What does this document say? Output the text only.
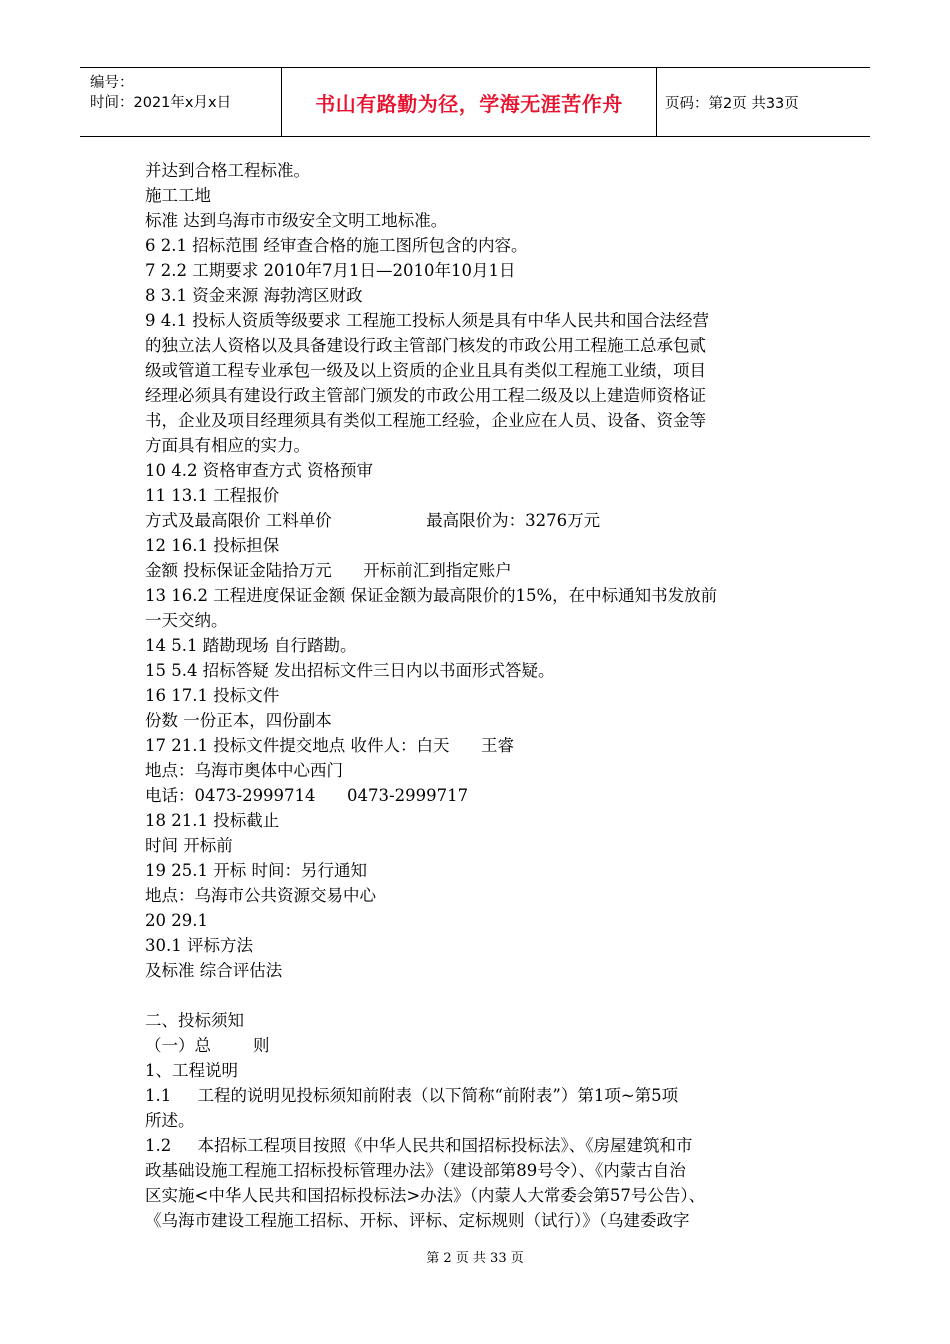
编号：
时间：2021年x月x日	书山有路勤为径，学海无涯苦作舟	页码：第2页 共33页
并达到合格工程标准。
施工工地
标准 达到乌海市市级安全文明工地标准。
6 2.1 招标范围 经审查合格的施工图所包含的内容。
7 2.2 工期要求 2010年7月1日—2010年10月1日
8 3.1 资金来源 海勃湾区财政
9 4.1 投标人资质等级要求 工程施工投标人须是具有中华人民共和国合法经营
的独立法人资格以及具备建设行政主管部门核发的市政公用工程施工总承包贰
级或管道工程专业承包一级及以上资质的企业且具有类似工程施工业绩，项目
经理必须具有建设行政主管部门颁发的市政公用工程二级及以上建造师资格证
书，企业及项目经理须具有类似工程施工经验，企业应在人员、设备、资金等
方面具有相应的实力。
10 4.2 资格审查方式 资格预审
11 13.1 工程报价
方式及最高限价 工料单价                  最高限价为：3276万元
12 16.1 投标担保
金额 投标保证金陆拾万元      开标前汇到指定账户
13 16.2 工程进度保证金额 保证金额为最高限价的15%，在中标通知书发放前
一天交纳。
14 5.1 踏勘现场 自行踏勘。
15 5.4 招标答疑 发出招标文件三日内以书面形式答疑。
16 17.1 投标文件
份数 一份正本，四份副本
17 21.1 投标文件提交地点 收件人：白天      王睿
地点：乌海市奥体中心西门
电话：0473-2999714      0473-2999717
18 21.1 投标截止
时间 开标前
19 25.1 开标 时间：另行通知
地点：乌海市公共资源交易中心
20 29.1
30.1 评标方法
及标准 综合评估法
二、投标须知
（一）总        则
1、工程说明
1.1     工程的说明见投标须知前附表（以下简称“前附表”）第1项~第5项
所述。
1.2     本招标工程项目按照《中华人民共和国招标投标法》、《房屋建筑和市
政基础设施工程施工招标投标管理办法》（建设部第89号令）、《内蒙古自治
区实施<中华人民共和国招标投标法>办法》（内蒙人大常委会第57号公告）、
《乌海市建设工程施工招标、开标、评标、定标规则（试行）》（乌建委政字
第 2 页 共 33 页
